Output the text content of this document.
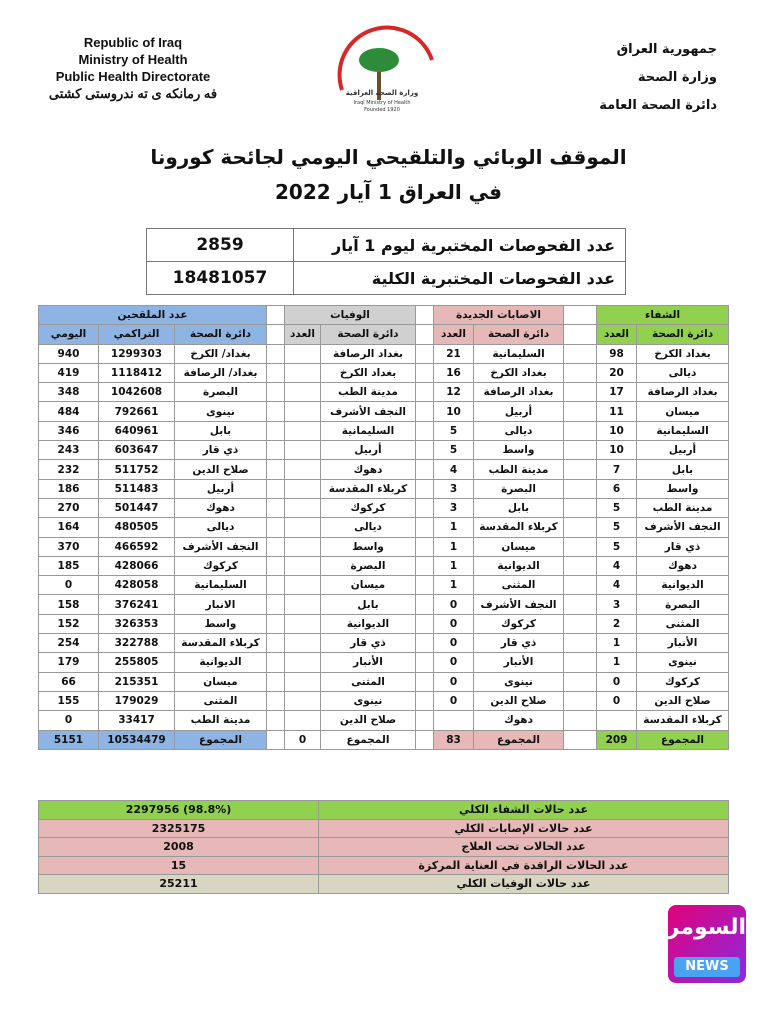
Republic of Iraq
Ministry of Health
Public Health Directorate
فه رمانكه ى ته ندروستى كشتى	وزارة الصحة العراقية
Iraqi Ministry of Health
Founded 1920
جمهورية العراق
وزارة الصحة
دائرة الصحة العامة
الموقف الوبائي والتلقيحي اليومي لجائحة كورونا
في العراق 1 آيار 2022
عدد الفحوصات المختبرية ليوم 1 آيار	2859
عدد الفحوصات المختبرية الكلية	18481057
الشفاء			الاصابات الجديدة			الوفيات			عدد الملقحين		
دائرة الصحة	العدد		دائرة الصحة	العدد		دائرة الصحة	العدد		دائرة الصحة	التراكمي	اليومي
بغداد الكرخ	98		السليمانية	21		بغداد الرصافة			بغداد/ الكرخ	1299303	940
ديالى	20		بغداد الكرخ	16		بغداد الكرخ			بغداد/ الرصافة	1118412	419
بغداد الرصافة	17		بغداد الرصافة	12		مدينة الطب			البصرة	1042608	348
ميسان	11		أربيل	10		النجف الأشرف			نينوى	792661	484
السليمانية	10		ديالى	5		السليمانية			بابل	640961	346
أربيل	10		واسط	5		أربيل			ذي قار	603647	243
بابل	7		مدينة الطب	4		دهوك			صلاح الدين	511752	232
واسط	6		البصرة	3		كربلاء المقدسة			أربيل	511483	186
مدينة الطب	5		بابل	3		كركوك			دهوك	501447	270
النجف الأشرف	5		كربلاء المقدسة	1		ديالى			ديالى	480505	164
ذي قار	5		ميسان	1		واسط			النجف الأشرف	466592	370
دهوك	4		الديوانية	1		البصرة			كركوك	428066	185
الديوانية	4		المثنى	1		ميسان			السليمانية	428058	0
البصرة	3		النجف الأشرف	0		بابل			الانبار	376241	158
المثنى	2		كركوك	0		الديوانية			واسط	326353	152
الأنبار	1		ذي قار	0		ذي قار			كربلاء المقدسة	322788	254
نينوى	1		الأنبار	0		الأنبار			الديوانية	255805	179
كركوك	0		نينوى	0		المثنى			ميسان	215351	66
صلاح الدين	0		صلاح الدين	0		نينوى			المثنى	179029	155
كربلاء المقدسة			دهوك			صلاح الدين			مدينة الطب	33417	0
المجموع	209		المجموع	83		المجموع	0		المجموع	10534479	5151
عدد حالات الشفاء الكلي	2297956 (98.8%)
عدد حالات الإصابات الكلي	2325175
عدد الحالات تحت العلاج	2008
عدد الحالات الراقدة في العناية المركزة	15
عدد حالات الوفيات الكلي	25211
السومرية
NEWS
